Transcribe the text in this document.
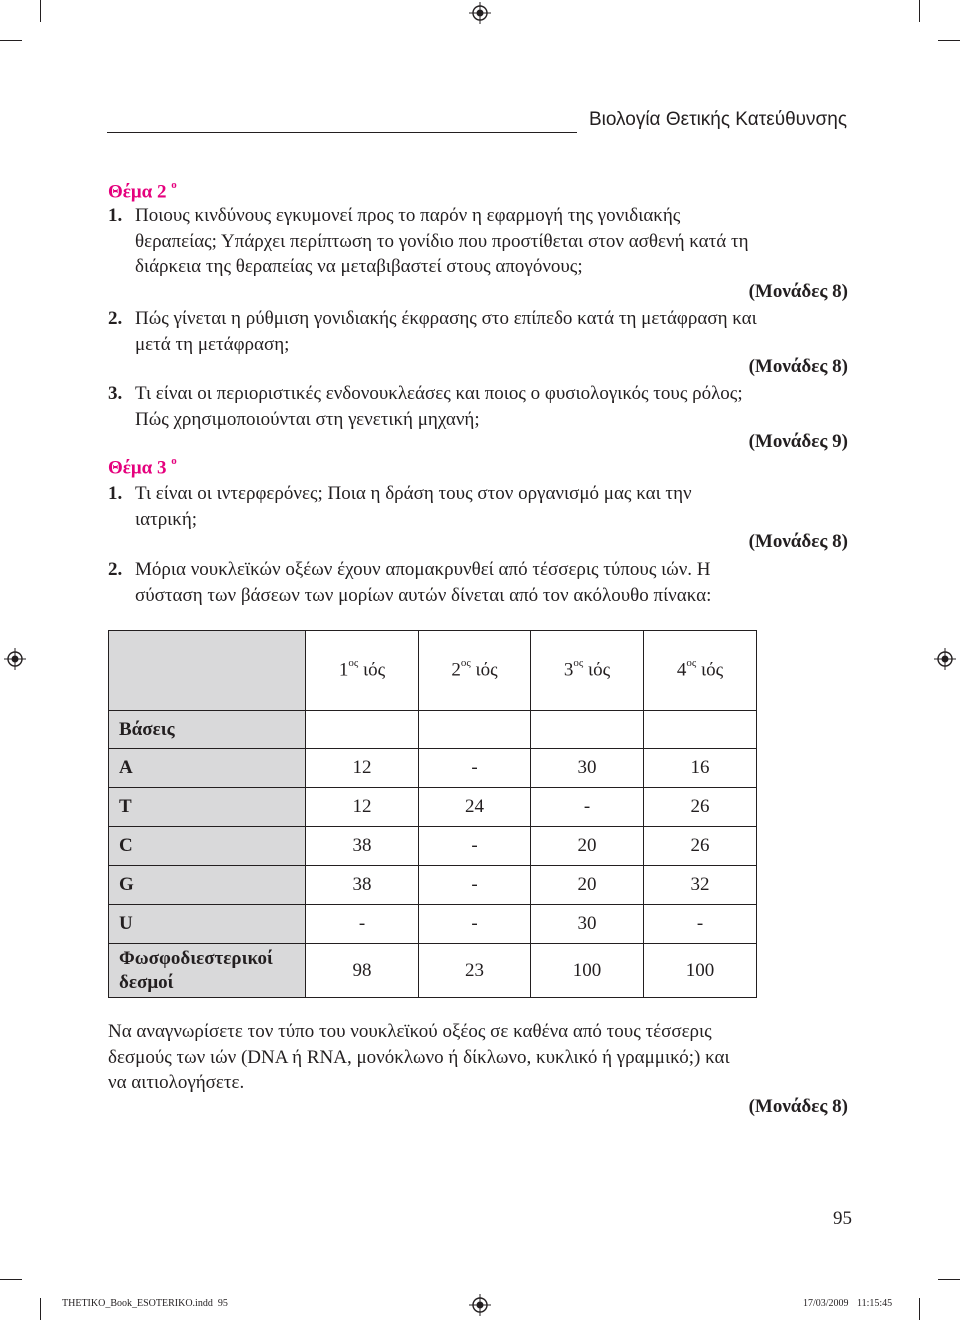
Βιολογία Θετικής Κατεύθυνσης
Θέμα 2 $^o$
1. Ποιους κινδύνους εγκυμονεί προς το παρόν η εφαρμογή της γονιδιακής
θεραπείας; Υπάρχει περίπτωση το γονίδιο που προστίθεται στον ασθενή κατά τη
διάρκεια της θεραπείας να μεταβιβαστεί στους απογόνους;
(Μονάδες 8)
2. Πώς γίνεται η ρύθμιση γονιδιακής έκφρασης στο επίπεδο κατά τη μετάφραση και
μετά τη μετάφραση;
(Μονάδες 8)
3. Τι είναι οι περιοριστικές ενδονουκλεάσες και ποιος ο φυσιολογικός τους ρόλος;
Πώς χρησιμοποιούνται στη γενετική μηχανή;
(Μονάδες 9)
Θέμα 3 $^o$
1. Τι είναι οι ιντερφερόνες; Ποια η δράση τους στον οργανισμό μας και την
ιατρική;
(Μονάδες 8)
2. Μόρια νουκλεϊκών οξέων έχουν απομακρυνθεί από τέσσερις τύπους ιών. Η
σύσταση των βάσεων των μορίων αυτών δίνεται από τον ακόλουθο πίνακα:
	$1^{o\varsigma}$ ιός	$2^{o\varsigma}$ ιός	$3^{o\varsigma}$ ιός	$4^{o\varsigma}$ ιός
Βάσεις				
A	12	-	30	16
T	12	24	-	26
C	38	-	20	26
G	38	-	20	32
U	-	-	30	-

Φωσφοδιεστερικοί
δεσμοί	98	23	100	100
Να αναγνωρίσετε τον τύπο του νουκλεϊκού οξέος σε καθένα από τους τέσσερις
δεσμούς των ιών (DNA ή RNA, μονόκλωνο ή δίκλωνο, κυκλικό ή γραμμικό;) και
να αιτιολογήσετε.
(Μονάδες 8)
95
THETIKO_Book_ESOTERIKO.indd 95	17/03/2009 11:15:45
